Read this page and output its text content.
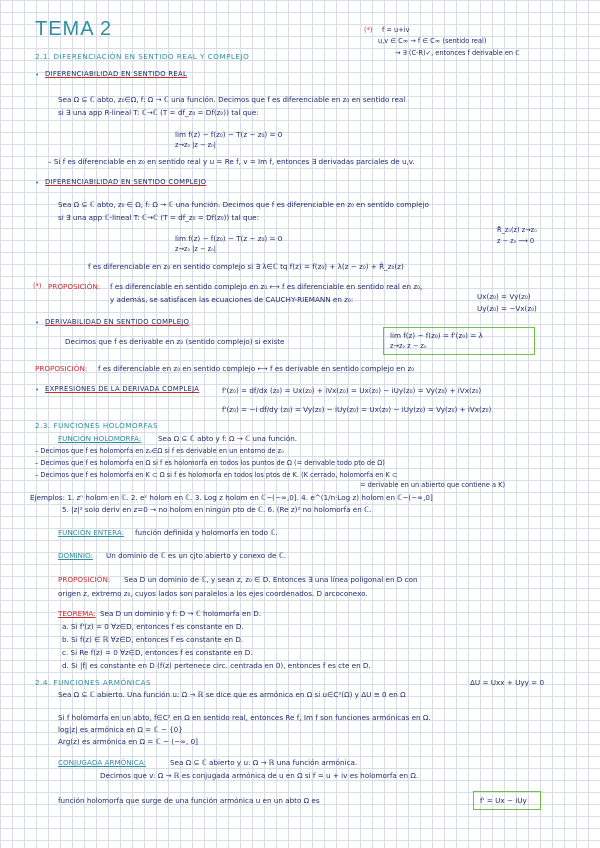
TEMA 2	(*) f = u+iv
u,v ∈ C∞ → f ∈ C∞ (sentido real)
→ ∃ (C-R)✓, entonces f derivable en ℂ
2.1. DIFERENCIACIÓN EN SENTIDO REAL Y COMPLEJO
• DIFERENCIABILIDAD EN SENTIDO REAL
Sea Ω ⊆ ℂ abto, z₀∈Ω, f: Ω → ℂ una función. Decimos que f es diferenciable en z₀ en sentido real
si ∃ una app R-lineal T: ℂ→ℂ (T = df_z₀ = Df(z₀)) tal que:
lim f(z) − f(z₀) − T(z − z₀) = 0
z→z₀ |z − z₀|
– Si f es diferenciable en z₀ en sentido real y u = Re f, v = Im f, entonces ∃ derivadas parciales de u,v.
• DIFERENCIABILIDAD EN SENTIDO COMPLEJO
Sea Ω ⊆ ℂ abto, z₀ ∈ Ω, f: Ω → ℂ una función. Decimos que f es diferenciable en z₀ en sentido complejo
si ∃ una app ℂ-lineal T: ℂ→ℂ (T = df_z₀ = Df(z₀)) tal que:
lim f(z) − f(z₀) − T(z − z₀) = 0
z→z₀ |z − z₀|
R̃_z₀(z) z→z₀
z − z₀ ⟶ 0
f es diferenciable en z₀ en sentido complejo si ∃ λ∈ℂ tq f(z) = f(z₀) + λ(z − z₀) + R̃_z₀(z)
(*) PROPOSICIÓN: f es diferenciable en sentido complejo en z₀ ⟷ f es diferenciable en sentido real en z₀,
y además, se satisfacen las ecuaciones de CAUCHY-RIEMANN en z₀:	Ux(z₀) = Vy(z₀)
Uy(z₀) = −Vx(z₀)
• DERIVABILIDAD EN SENTIDO COMPLEJO
Decimos que f es derivable en z₀ (sentido complejo) si existe
lim f(z) − f(z₀) = f'(z₀) = λ
z→z₀ z − z₀
PROPOSICIÓN: f es diferenciable en z₀ en sentido complejo ⟷ f es derivable en sentido complejo en z₀
• EXPRESIONES DE LA DERIVADA COMPLEJA	f'(z₀) = df/dx (z₀) = Ux(z₀) + iVx(z₀) = Ux(z₀) − iUy(z₀) = Vy(z₀) + iVx(z₀)
f'(z₀) = −i df/dy (z₀) = Vy(z₀) − iUy(z₀) = Ux(z₀) − iUy(z₀) = Vy(z₀) + iVx(z₀)
2.3. FUNCIONES HOLOMORFAS
FUNCIÓN HOLOMORFA: Sea Ω ⊆ ℂ abto y f: Ω → ℂ una función.
– Decimos que f es holomorfa en z₀∈Ω si f es derivable en un entorno de z₀
– Decimos que f es holomorfa en Ω si f es holomorfa en todos los puntos de Ω (= derivable todo pto de Ω)
– Decimos que f es holomorfa en K ⊂ Ω si f es holomorfa en todos los ptos de K. (K cerrado, holomorfa en K ⊂
= derivable en un abierto que contiene a K)
Ejemplos: 1. zⁿ holom en ℂ. 2. eᶻ holom en ℂ. 3. Log z holom en ℂ−(−∞,0]. 4. e^(1/n·Log z) holom en ℂ−(−∞,0]
5. |z|² solo deriv en z=0 → no holom en ningún pto de ℂ. 6. (Re z)² no holomorfa en ℂ.
FUNCIÓN ENTERA: función definida y holomorfa en todo ℂ.
DOMINIO: Un dominio de ℂ es un cjto abierto y conexo de ℂ.
PROPOSICIÓN: Sea D un dominio de ℂ, y sean z, z₀ ∈ D. Entonces ∃ una línea poligonal en D con
origen z, extremo z₀, cuyos lados son paralelos a los ejes coordenados. D arcoconexo.
TEOREMA: Sea D un dominio y f: D → ℂ holomorfa en D.
a. Si f'(z) = 0 ∀z∈D, entonces f es constante en D.
b. Si f(z) ∈ ℝ ∀z∈D, entonces f es constante en D.
c. Si Re f(z) = 0 ∀z∈D, entonces f es constante en D.
d. Si |f| es constante en D (f(z) pertenece circ. centrada en 0), entonces f es cte en D.
2.4. FUNCIONES ARMÓNICAS	ΔU = Uxx + Uyy = 0
Sea Ω ⊆ ℂ abierto. Una función u: Ω → ℝ se dice que es armónica en Ω si u∈C²(Ω) y ΔU ≡ 0 en Ω
Si f holomorfa en un abto, f∈C² en Ω en sentido real, entonces Re f, Im f son funciones armónicas en Ω.
log|z| es armónica en Ω = ℂ − {0}
Arg(z) es armónica en Ω = ℂ − (−∞, 0]
CONJUGADA ARMÓNICA:	Sea Ω ⊆ ℂ abierto y u: Ω → ℝ una función armónica.
Decimos que v: Ω → ℝ es conjugada armónica de u en Ω si f = u + iv es holomorfa en Ω.
función holomorfa que surge de una función armónica u en un abto Ω es	f' = Ux − iUy
